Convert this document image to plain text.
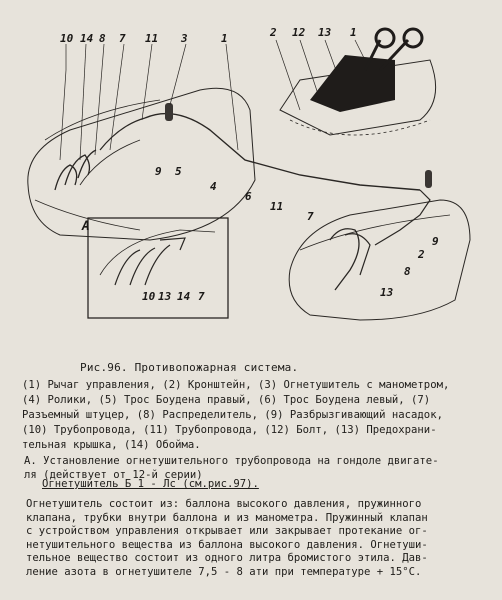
10 14 8 7 11 3	1	2 12 13 1
9 5
4
6
11
7
9
2
8
13
A
10 13 14 7
Рис.96. Противопожарная система.
(1) Рычаг управления, (2) Кронштейн, (3) Огнетушитель с манометром,
(4) Ролики, (5) Трос Боудена правый, (6) Трос Боудена левый, (7)
Разъемный штуцер, (8) Распределитель, (9) Разбрызгивающий насадок,
(10) Трубопровода, (11) Трубопровода, (12) Болт, (13) Предохрани-
тельная крышка, (14) Обойма.
А. Установление огнетушительного трубопровода на гондоле двигате-
ля (действует от 12-й серии)
Огнетушитель Б 1 - Лс (см.рис.97).
Огнетушитель состоит из: баллона высокого давления, пружинного
клапана, трубки внутри баллона и из манометра. Пружинный клапан
с устройством управления открывает или закрывает протекание ог-
нетушительного вещества из баллона высокого давления. Огнетуши-
тельное вещество состоит из одного литра бромистого этила. Дав-
ление азота в огнетушителе 7,5 - 8 ати при температуре + 15°С.
